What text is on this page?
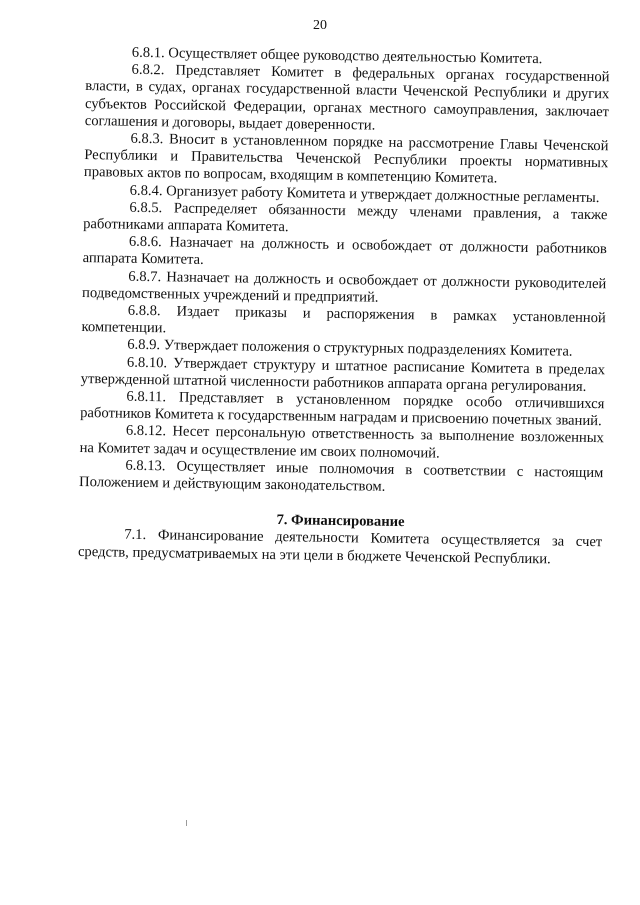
20

6.8.1. Осуществляет общее руководство деятельностью Комитета.

6.8.2. Представляет Комитет в федеральных органах государственной власти, в судах, органах государственной власти Чеченской Республики и других субъектов Российской Федерации, органах местного самоуправления, заключает соглашения и договоры, выдает доверенности.

6.8.3. Вносит в установленном порядке на рассмотрение Главы Чеченской Республики и Правительства Чеченской Республики проекты нормативных правовых актов по вопросам, входящим в компетенцию Комитета.

6.8.4. Организует работу Комитета и утверждает должностные регламенты.

6.8.5. Распределяет обязанности между членами правления, а также работниками аппарата Комитета.

6.8.6. Назначает на должность и освобождает от должности работников аппарата Комитета.

6.8.7. Назначает на должность и освобождает от должности руководителей подведомственных учреждений и предприятий.

6.8.8. Издает приказы и распоряжения в рамках установленной компетенции.

6.8.9. Утверждает положения о структурных подразделениях Комитета.

6.8.10. Утверждает структуру и штатное расписание Комитета в пределах утвержденной штатной численности работников аппарата органа регулирования.

6.8.11. Представляет в установленном порядке особо отличившихся работников Комитета к государственным наградам и присвоению почетных званий.

6.8.12. Несет персональную ответственность за выполнение возложенных на Комитет задач и осуществление им своих полномочий.

6.8.13. Осуществляет иные полномочия в соответствии с настоящим Положением и действующим законодательством.

7. Финансирование

7.1. Финансирование деятельности Комитета осуществляется за счет средств, предусматриваемых на эти цели в бюджете Чеченской Республики.
